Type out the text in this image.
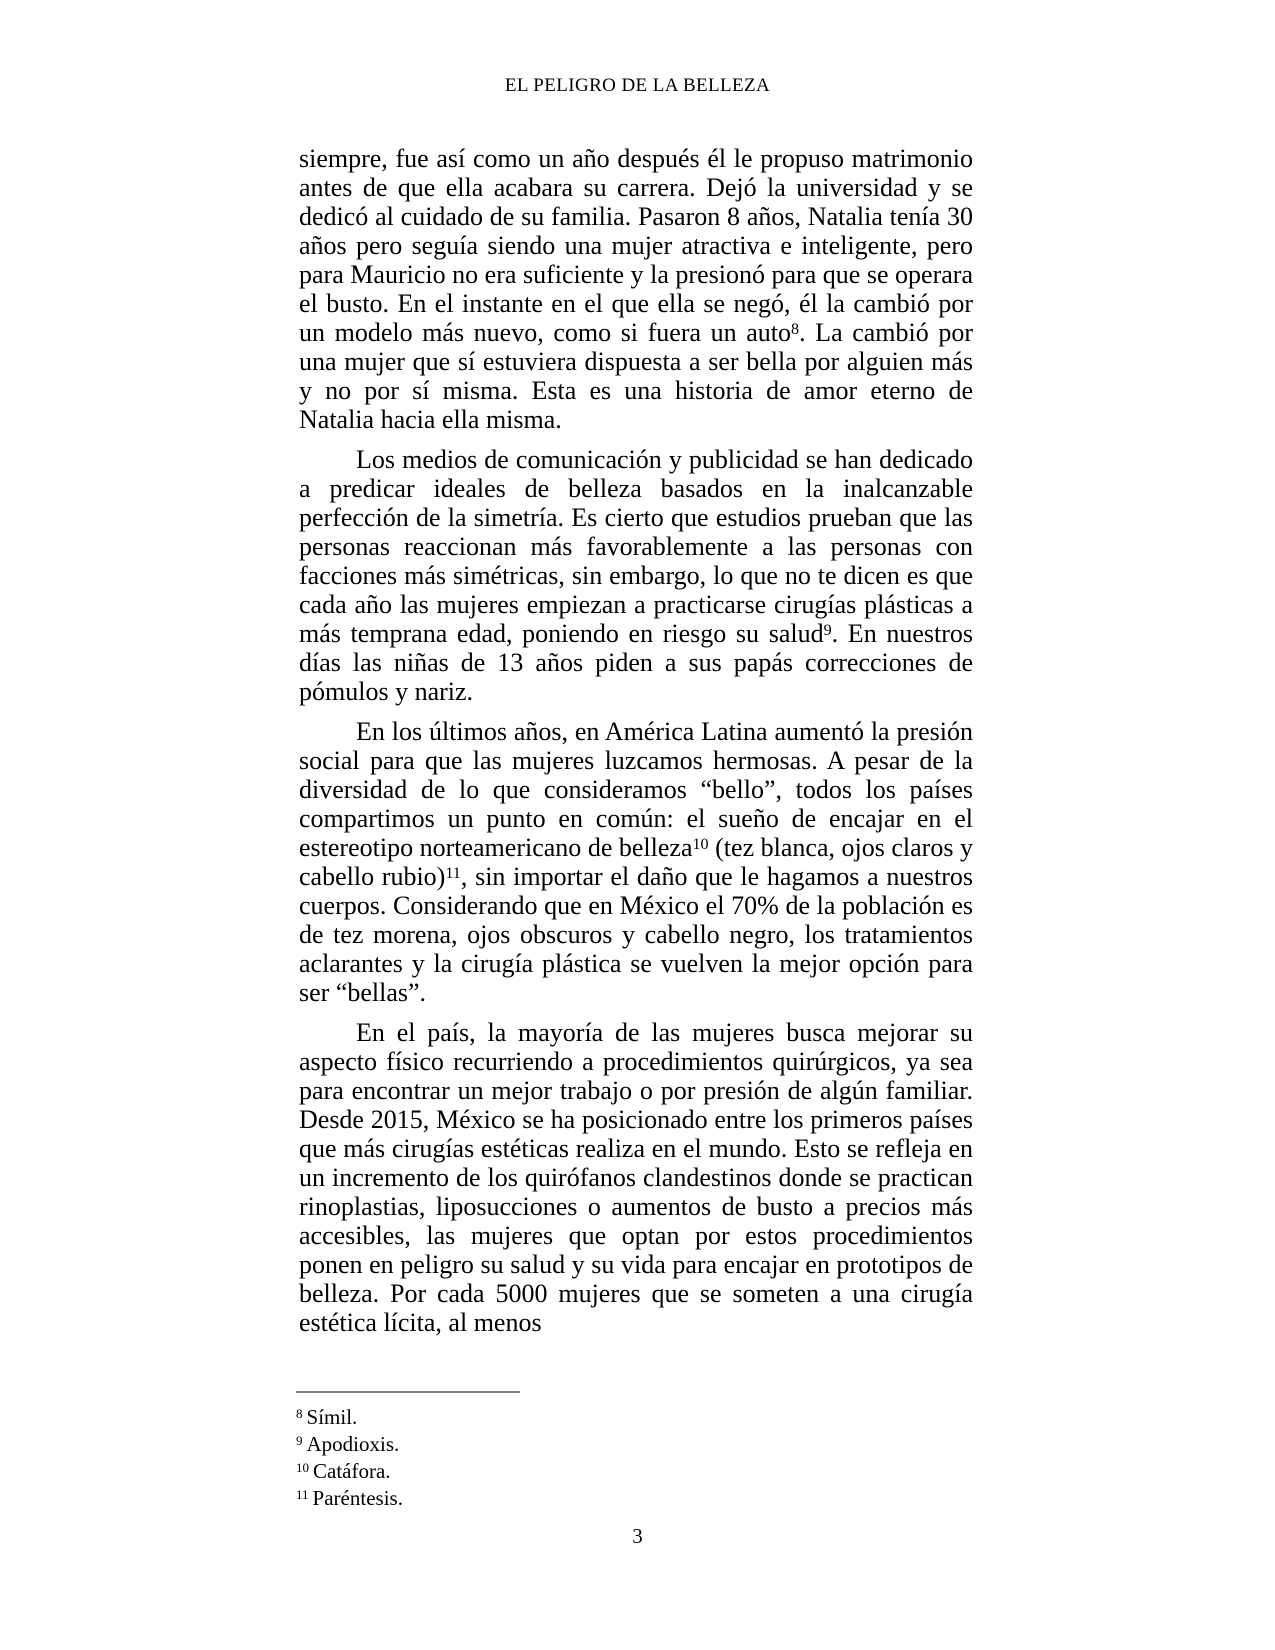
EL PELIGRO DE LA BELLEZA

siempre, fue así como un año después él le propuso matrimonio antes de que ella acabara su carrera. Dejó la universidad y se dedicó al cuidado de su familia. Pasaron 8 años, Natalia tenía 30 años pero seguía siendo una mujer atractiva e inteligente, pero para Mauricio no era suficiente y la presionó para que se operara el busto. En el instante en el que ella se negó, él la cambió por un modelo más nuevo, como si fuera un auto$^8$. La cambió por una mujer que sí estuviera dispuesta a ser bella por alguien más y no por sí misma. Esta es una historia de amor eterno de Natalia hacia ella misma.

Los medios de comunicación y publicidad se han dedicado a predicar ideales de belleza basados en la inalcanzable perfección de la simetría. Es cierto que estudios prueban que las personas reaccionan más favorablemente a las personas con facciones más simétricas, sin embargo, lo que no te dicen es que cada año las mujeres empiezan a practicarse cirugías plásticas a más temprana edad, poniendo en riesgo su salud$^9$. En nuestros días las niñas de 13 años piden a sus papás correcciones de pómulos y nariz.

En los últimos años, en América Latina aumentó la presión social para que las mujeres luzcamos hermosas. A pesar de la diversidad de lo que consideramos “bello”, todos los países compartimos un punto en común: el sueño de encajar en el estereotipo norteamericano de belleza$^{10}$ (tez blanca, ojos claros y cabello rubio)$^{11}$, sin importar el daño que le hagamos a nuestros cuerpos. Considerando que en México el 70% de la población es de tez morena, ojos obscuros y cabello negro, los tratamientos aclarantes y la cirugía plástica se vuelven la mejor opción para ser “bellas”.

En el país, la mayoría de las mujeres busca mejorar su aspecto físico recurriendo a procedimientos quirúrgicos, ya sea para encontrar un mejor trabajo o por presión de algún familiar. Desde 2015, México se ha posicionado entre los primeros países que más cirugías estéticas realiza en el mundo. Esto se refleja en un incremento de los quirófanos clandestinos donde se practican rinoplastias, liposucciones o aumentos de busto a precios más accesibles, las mujeres que optan por estos procedimientos ponen en peligro su salud y su vida para encajar en prototipos de belleza. Por cada 5000 mujeres que se someten a una cirugía estética lícita, al menos

$^8$ Símil.
$^9$ Apodioxis.
$^{10}$ Catáfora.
$^{11}$ Paréntesis.
3
